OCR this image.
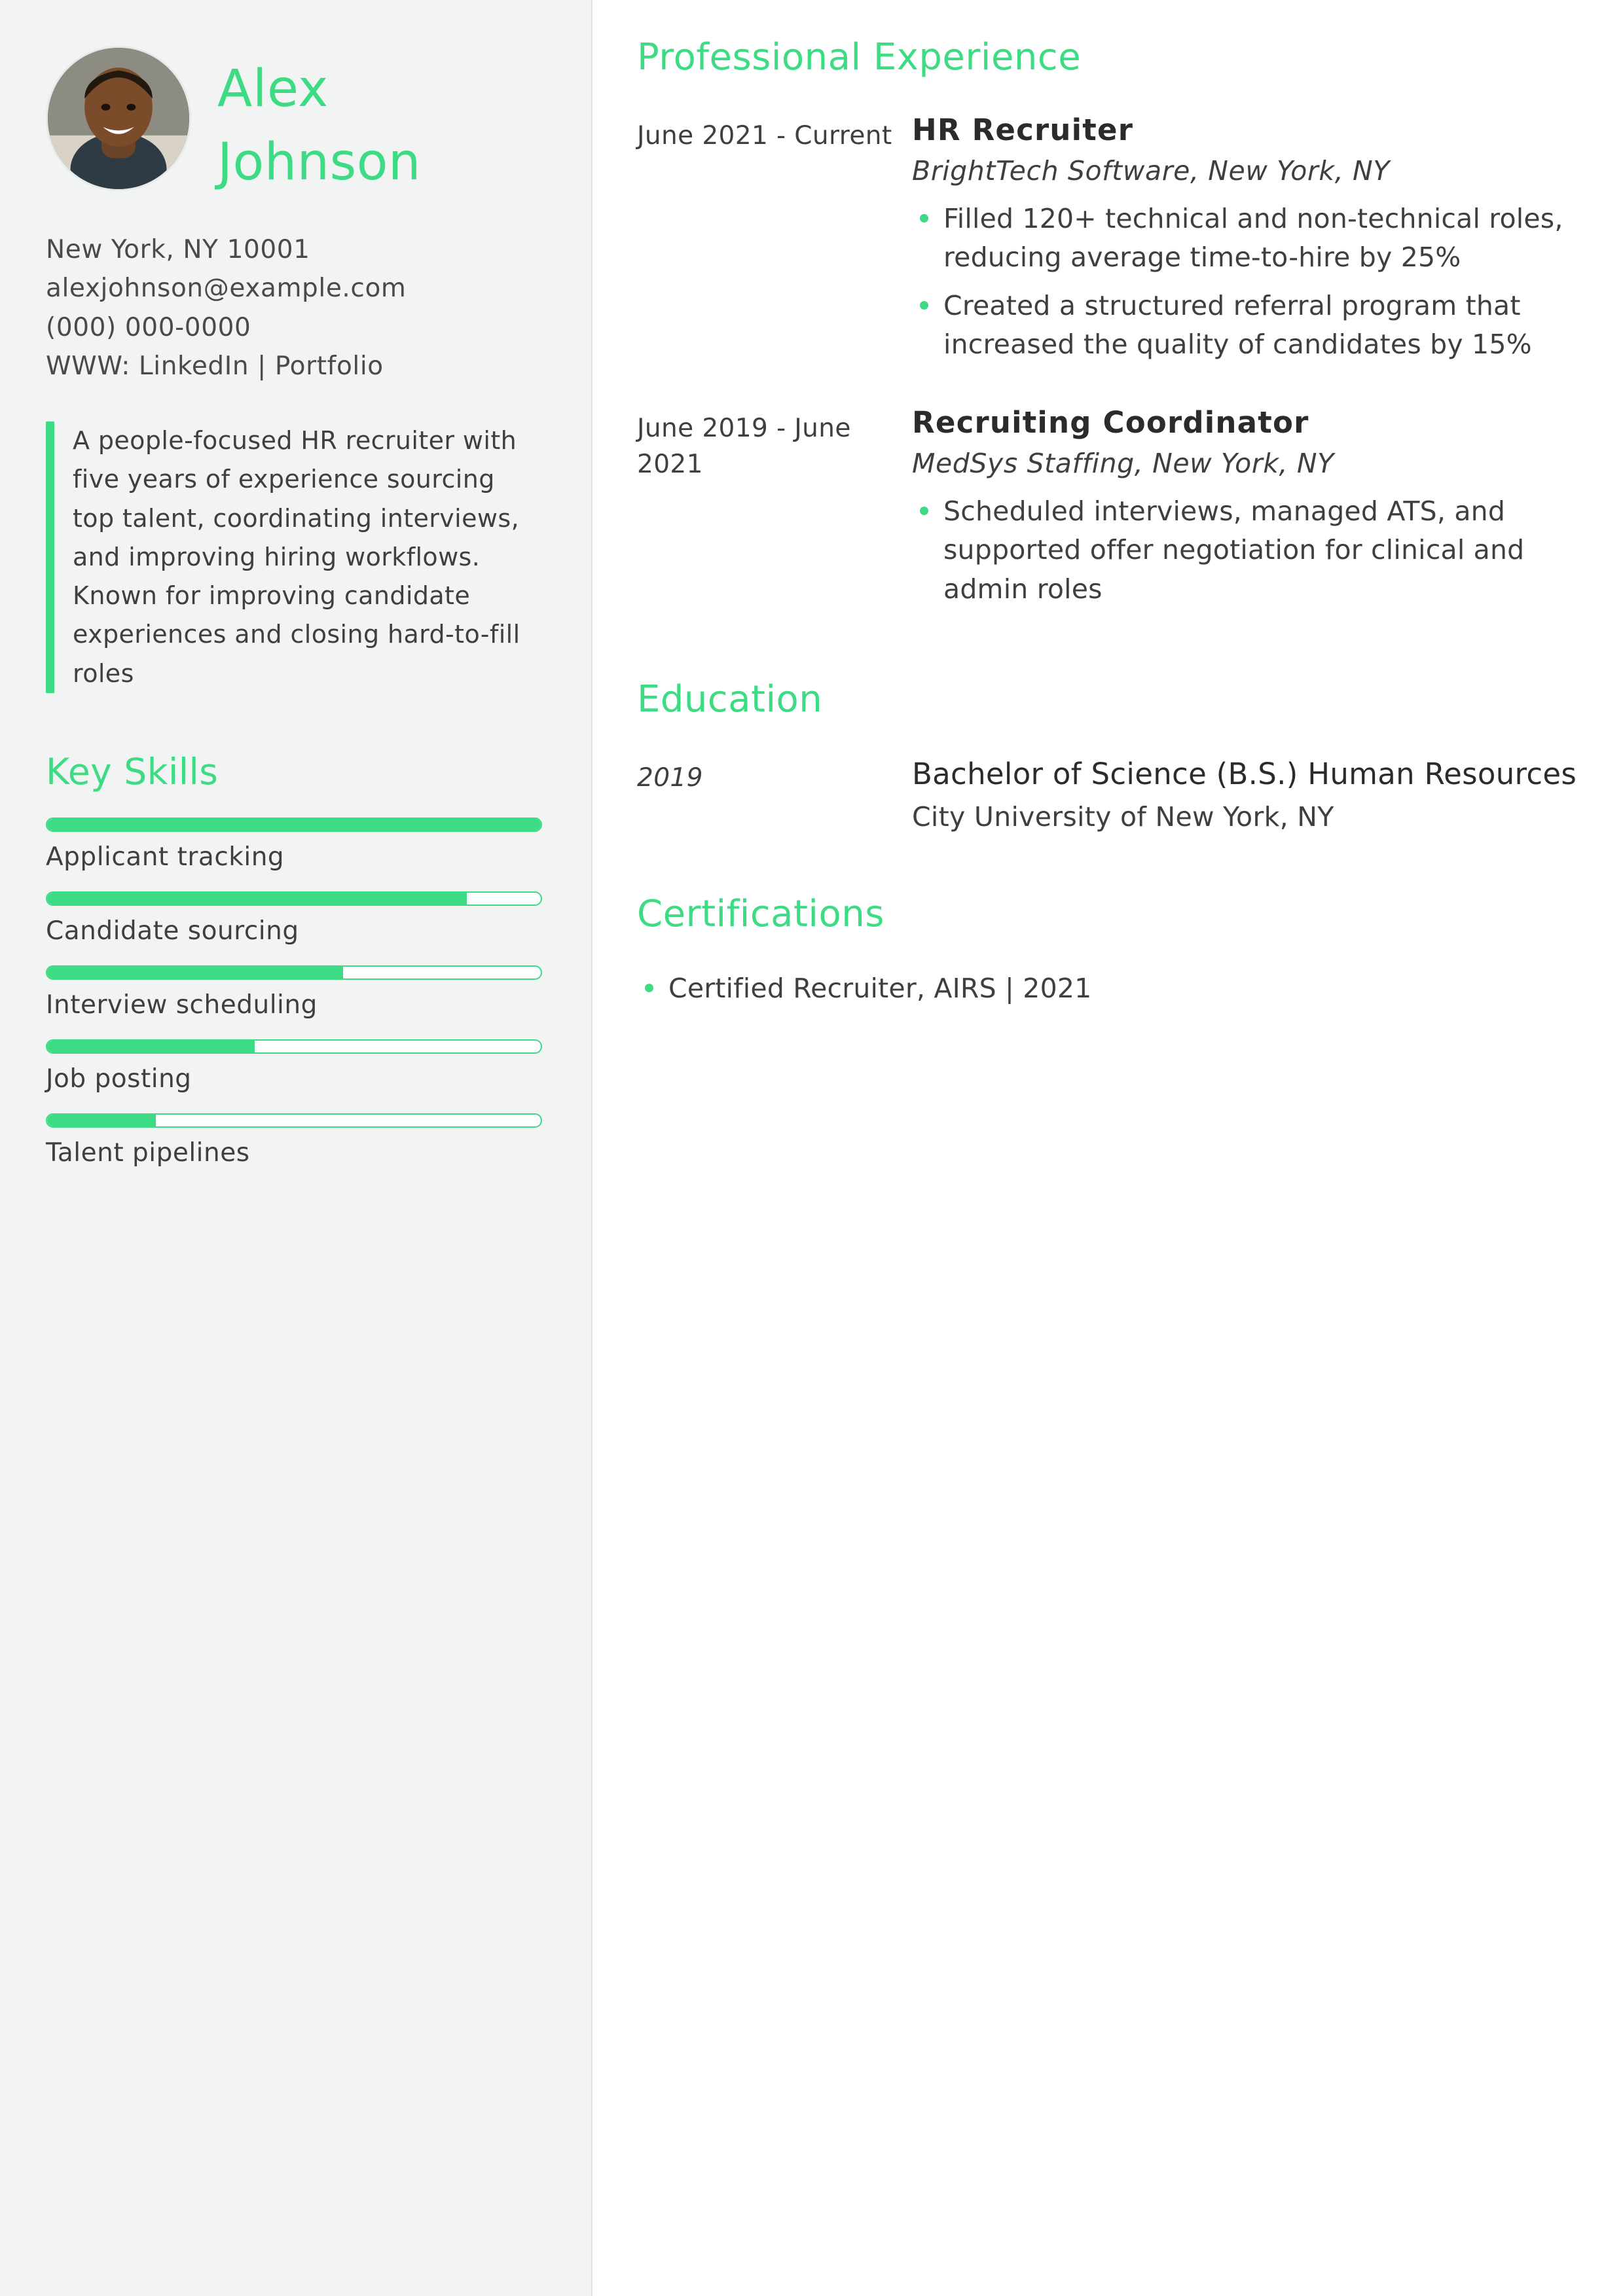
Alex
Johnson
New York, NY 10001
alexjohnson@example.com
(000) 000-0000
WWW: LinkedIn | Portfolio
A people-focused HR recruiter with five years of experience sourcing top talent, coordinating interviews, and improving hiring workflows. Known for improving candidate experiences and closing hard-to-fill roles
Key Skills
Applicant tracking
Candidate sourcing
Interview scheduling
Job posting
Talent pipelines
Professional Experience
June 2021 - Current HR Recruiter
BrightTech Software, New York, NY
Filled 120+ technical and non-technical roles, reducing average time-to-hire by 25%
Created a structured referral program that increased the quality of candidates by 15%
June 2019 - June 2021
Recruiting Coordinator
MedSys Staffing, New York, NY
Scheduled interviews, managed ATS, and supported offer negotiation for clinical and admin roles
Education
2019	Bachelor of Science (B.S.) Human Resources
City University of New York, NY
Certifications
Certified Recruiter, AIRS | 2021
